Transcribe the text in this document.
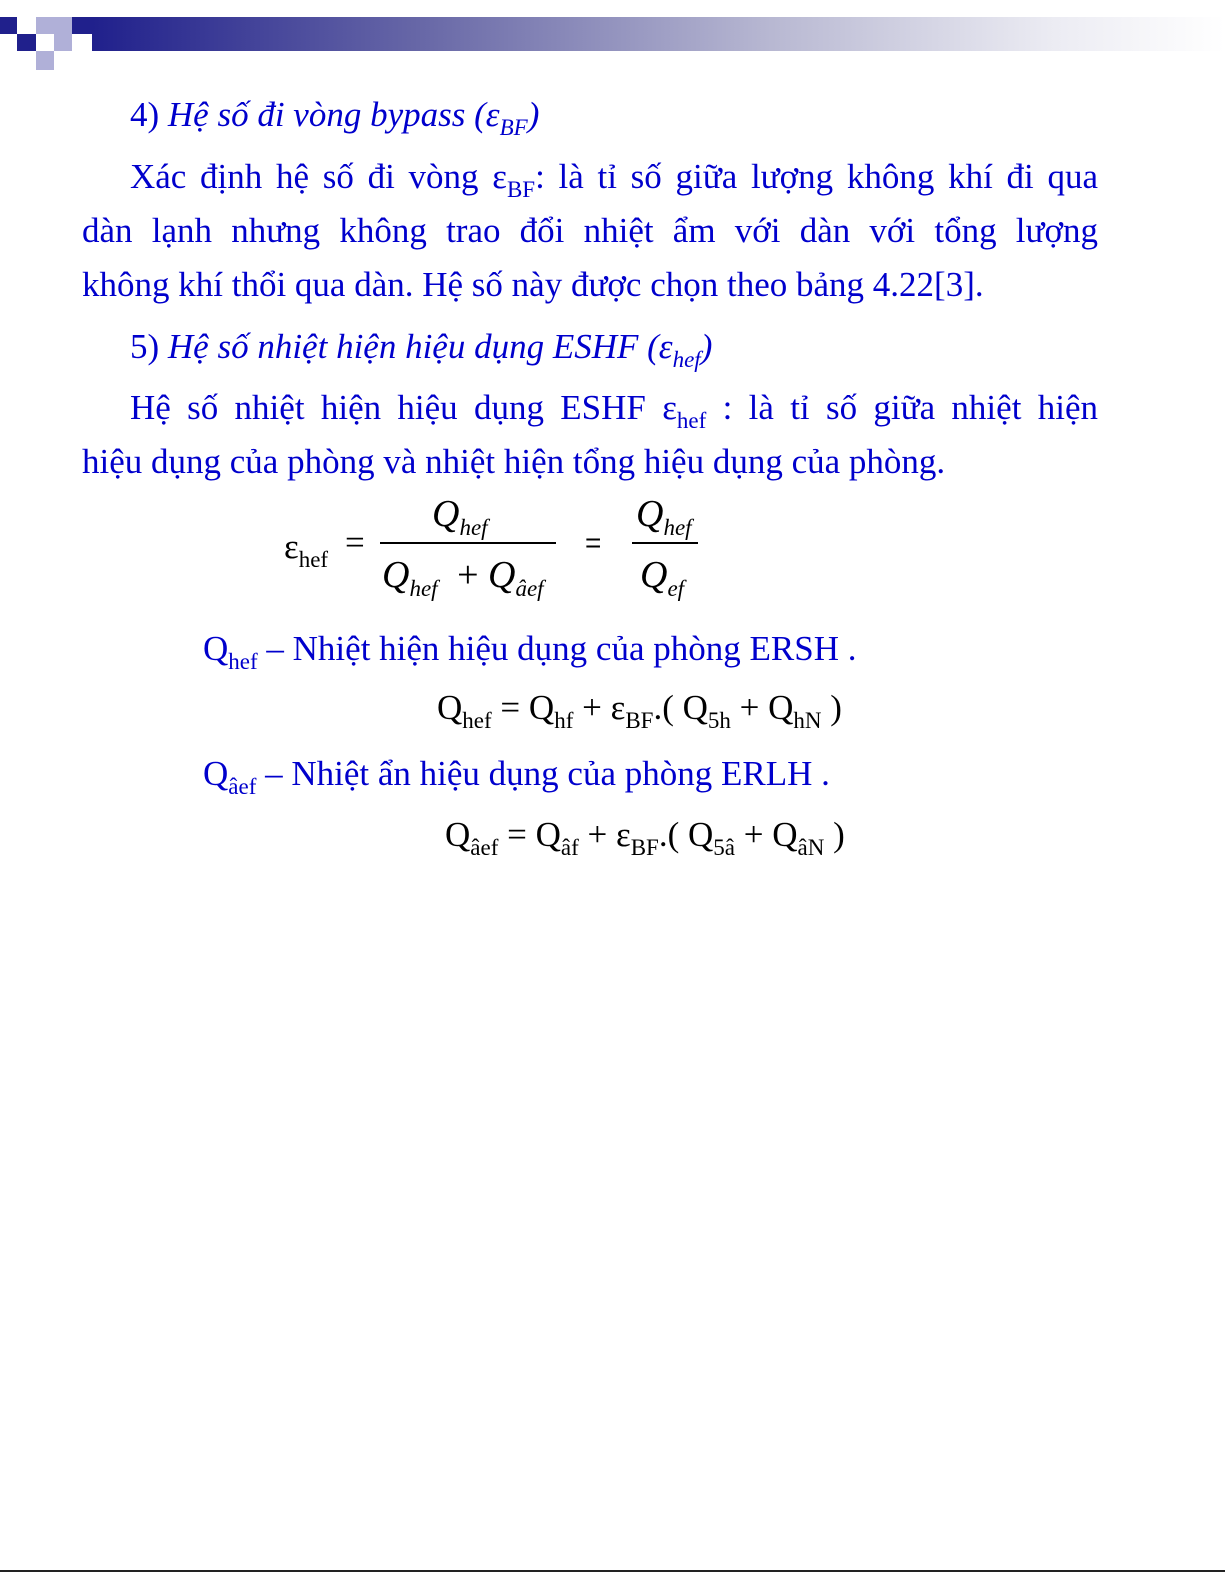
4) Hệ số đi vòng bypass $(\varepsilon_{BF})$
Xác định hệ số đi vòng $\varepsilon_{BF}$: là tỉ số giữa lượng không khí đi qua
dàn lạnh nhưng không trao đổi nhiệt ẩm với dàn với tổng lượng
không khí thổi qua dàn. Hệ số này được chọn theo bảng 4.22[3].
5) Hệ số nhiệt hiện hiệu dụng ESHF $(\varepsilon_{hef})$
Hệ số nhiệt hiện hiệu dụng ESHF $\varepsilon_{hef}$ : là tỉ số giữa nhiệt hiện
hiệu dụng của phòng và nhiệt hiện tổng hiệu dụng của phòng.
$\varepsilon_{hef}$ =
$Q_{hef}$
$Q_{hef} + Q_{âef}$
=
$Q_{hef}$
$Q_{ef}$
$Q_{hef}$ – Nhiệt hiện hiệu dụng của phòng ERSH .
$Q_{hef} = Q_{hf} + \varepsilon_{BF}$.( $Q_{5h} + Q_{hN}$ )
$Q_{âef}$ – Nhiệt ẩn hiệu dụng của phòng ERLH .
$Q_{âef} = Q_{âf} + \varepsilon_{BF}$.( $Q_{5â} + Q_{âN}$ )
